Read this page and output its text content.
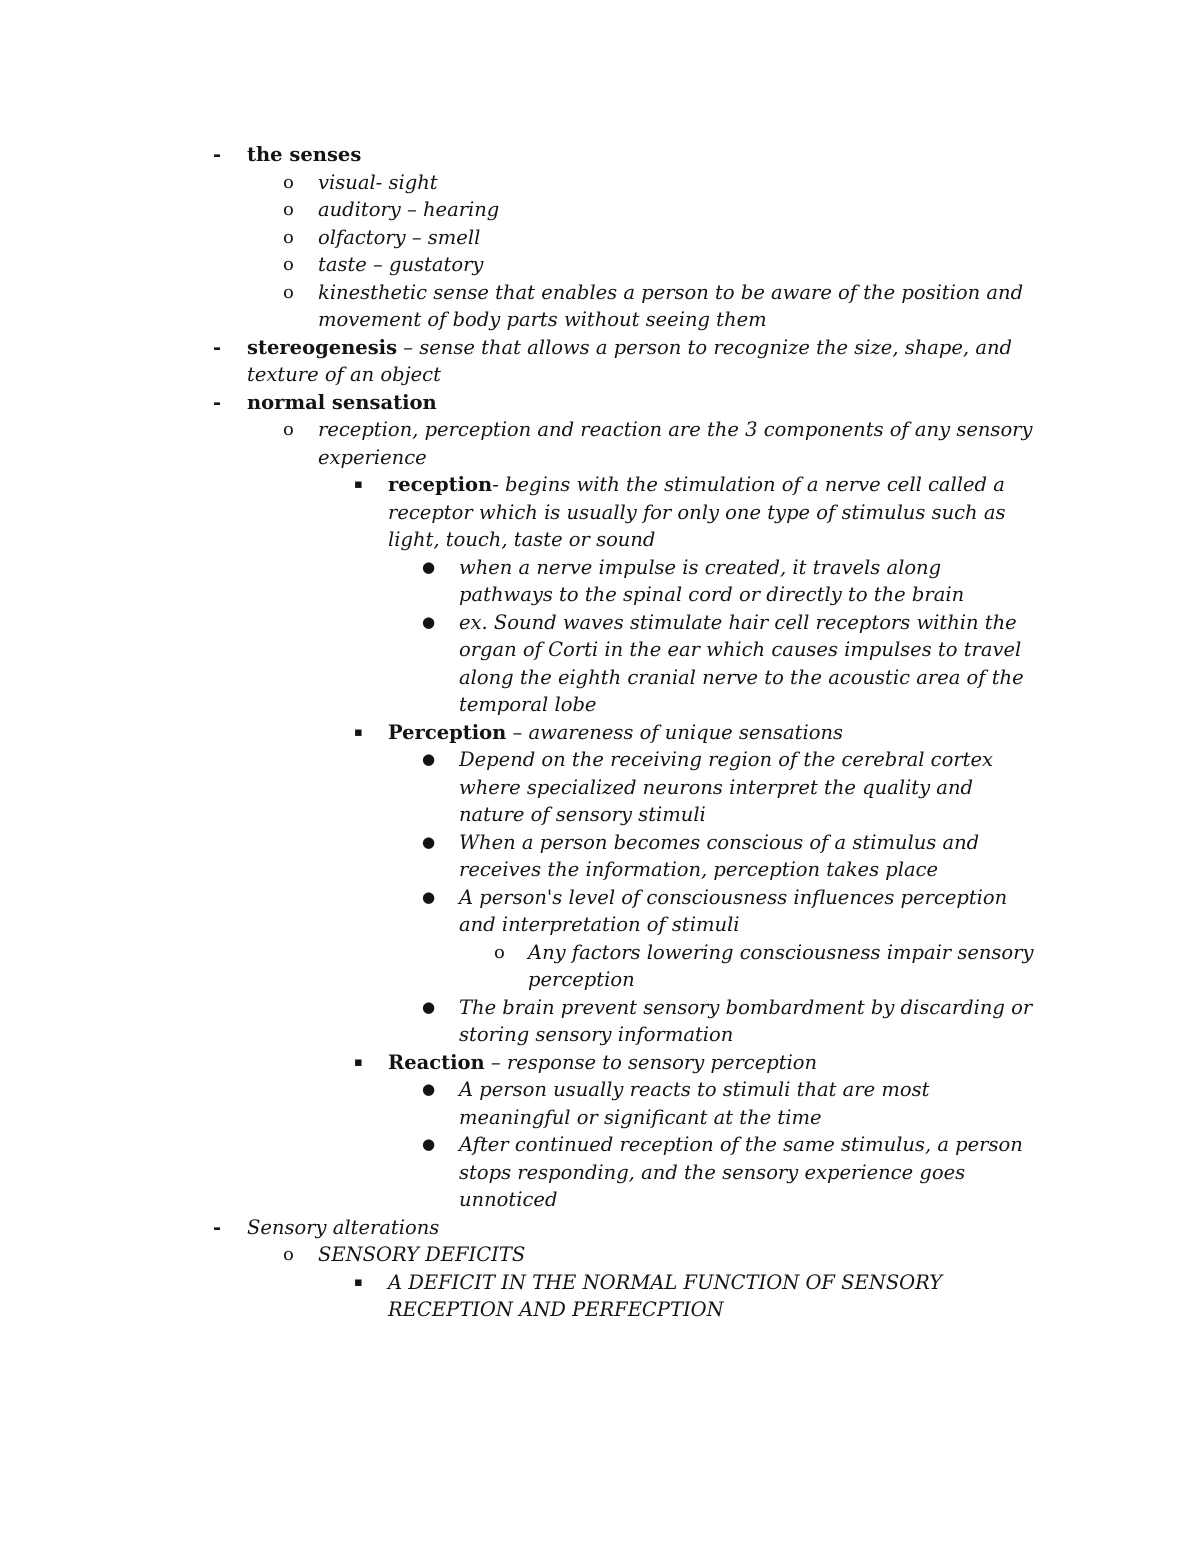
- the senses
o visual- sight
o auditory – hearing
o olfactory – smell
o taste – gustatory
o kinesthetic sense that enables a person to be aware of the position and
movement of body parts without seeing them
- stereogenesis – sense that allows a person to recognize the size, shape, and
texture of an object
- normal sensation
o reception, perception and reaction are the 3 components of any sensory
experience
▪ reception- begins with the stimulation of a nerve cell called a
receptor which is usually for only one type of stimulus such as
light, touch, taste or sound
● when a nerve impulse is created, it travels along
pathways to the spinal cord or directly to the brain
● ex. Sound waves stimulate hair cell receptors within the
organ of Corti in the ear which causes impulses to travel
along the eighth cranial nerve to the acoustic area of the
temporal lobe
▪ Perception – awareness of unique sensations
● Depend on the receiving region of the cerebral cortex
where specialized neurons interpret the quality and
nature of sensory stimuli
● When a person becomes conscious of a stimulus and
receives the information, perception takes place
● A person's level of consciousness influences perception
and interpretation of stimuli
o Any factors lowering consciousness impair sensory
perception
● The brain prevent sensory bombardment by discarding or
storing sensory information
▪ Reaction – response to sensory perception
● A person usually reacts to stimuli that are most
meaningful or significant at the time
● After continued reception of the same stimulus, a person
stops responding, and the sensory experience goes
unnoticed
- Sensory alterations
o SENSORY DEFICITS
▪ A DEFICIT IN THE NORMAL FUNCTION OF SENSORY
RECEPTION AND PERFECPTION
